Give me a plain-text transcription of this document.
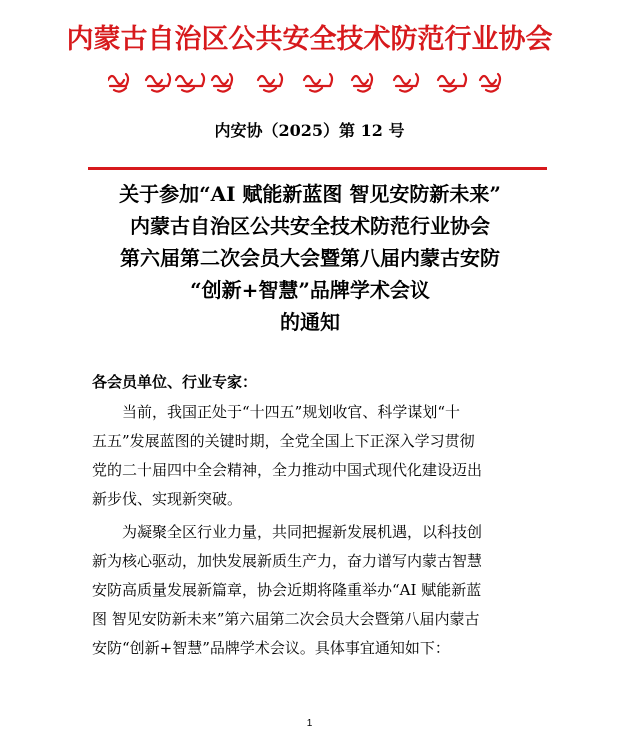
内蒙古自治区公共安全技术防范行业协会
内安协（2025）第 12 号
关于参加“AI 赋能新蓝图 智见安防新未来”
内蒙古自治区公共安全技术防范行业协会
第六届第二次会员大会暨第八届内蒙古安防
“创新+智慧”品牌学术会议
的通知
各会员单位、行业专家：
当前，我国正处于“十四五”规划收官、科学谋划“十
五五”发展蓝图的关键时期，全党全国上下正深入学习贯彻
党的二十届四中全会精神，全力推动中国式现代化建设迈出
新步伐、实现新突破。
为凝聚全区行业力量，共同把握新发展机遇，以科技创
新为核心驱动，加快发展新质生产力，奋力谱写内蒙古智慧
安防高质量发展新篇章，协会近期将隆重举办“AI 赋能新蓝
图 智见安防新未来”第六届第二次会员大会暨第八届内蒙古
安防“创新+智慧”品牌学术会议。具体事宜通知如下：
1
